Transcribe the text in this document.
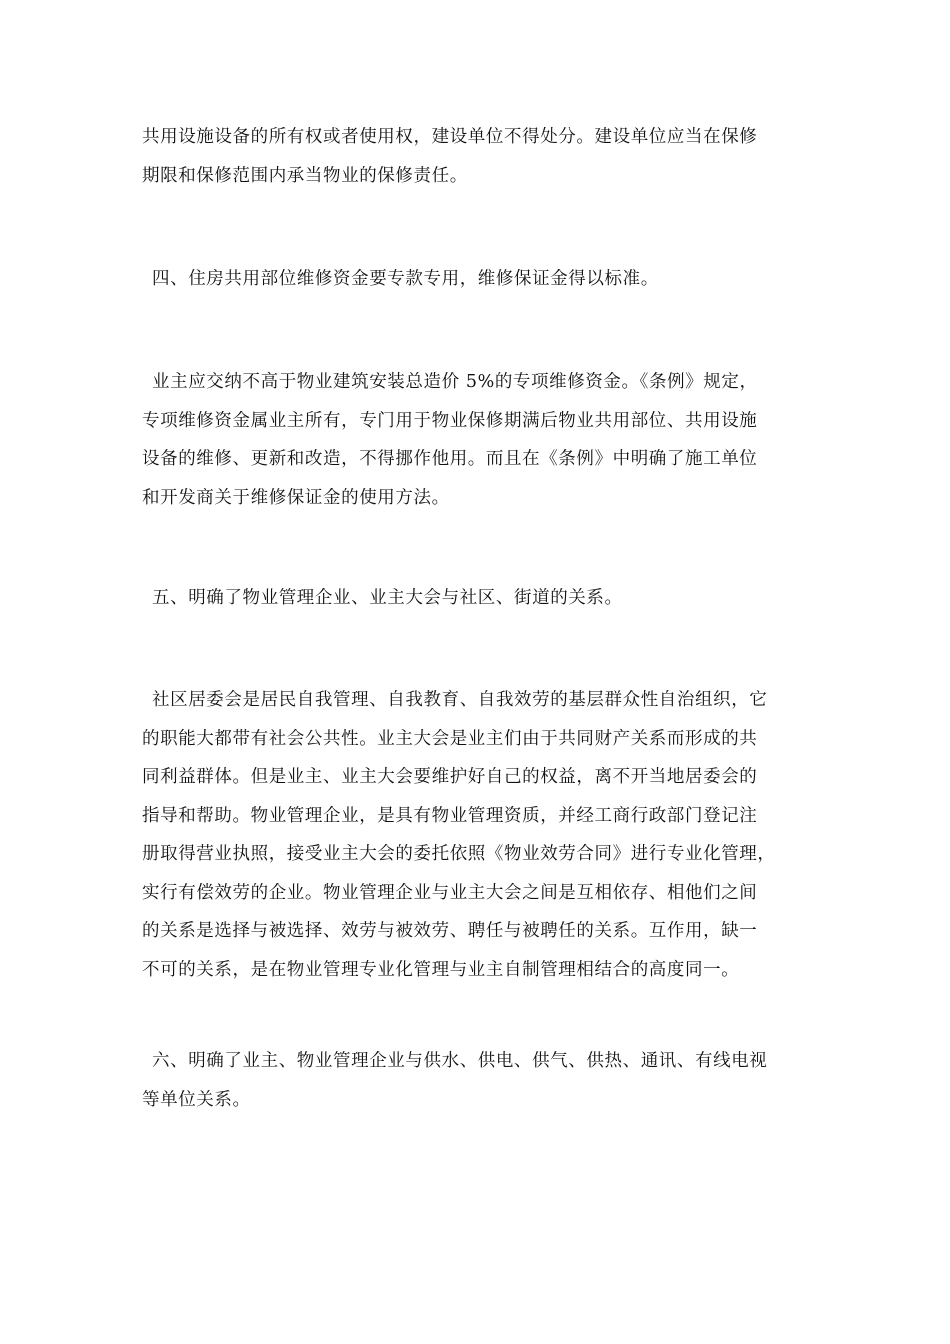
共用设施设备的所有权或者使用权，建设单位不得处分。建设单位应当在保修
期限和保修范围内承当物业的保修责任。

四、住房共用部位维修资金要专款专用，维修保证金得以标准。

业主应交纳不高于物业建筑安装总造价 5%的专项维修资金。《条例》规定，
专项维修资金属业主所有，专门用于物业保修期满后物业共用部位、共用设施
设备的维修、更新和改造，不得挪作他用。而且在《条例》中明确了施工单位
和开发商关于维修保证金的使用方法。

五、明确了物业管理企业、业主大会与社区、街道的关系。

社区居委会是居民自我管理、自我教育、自我效劳的基层群众性自治组织，它
的职能大都带有社会公共性。业主大会是业主们由于共同财产关系而形成的共
同利益群体。但是业主、业主大会要维护好自己的权益，离不开当地居委会的
指导和帮助。物业管理企业，是具有物业管理资质，并经工商行政部门登记注
册取得营业执照，接受业主大会的委托依照《物业效劳合同》进行专业化管理，
实行有偿效劳的企业。物业管理企业与业主大会之间是互相依存、相他们之间
的关系是选择与被选择、效劳与被效劳、聘任与被聘任的关系。互作用，缺一
不可的关系，是在物业管理专业化管理与业主自制管理相结合的高度同一。

六、明确了业主、物业管理企业与供水、供电、供气、供热、通讯、有线电视
等单位关系。
